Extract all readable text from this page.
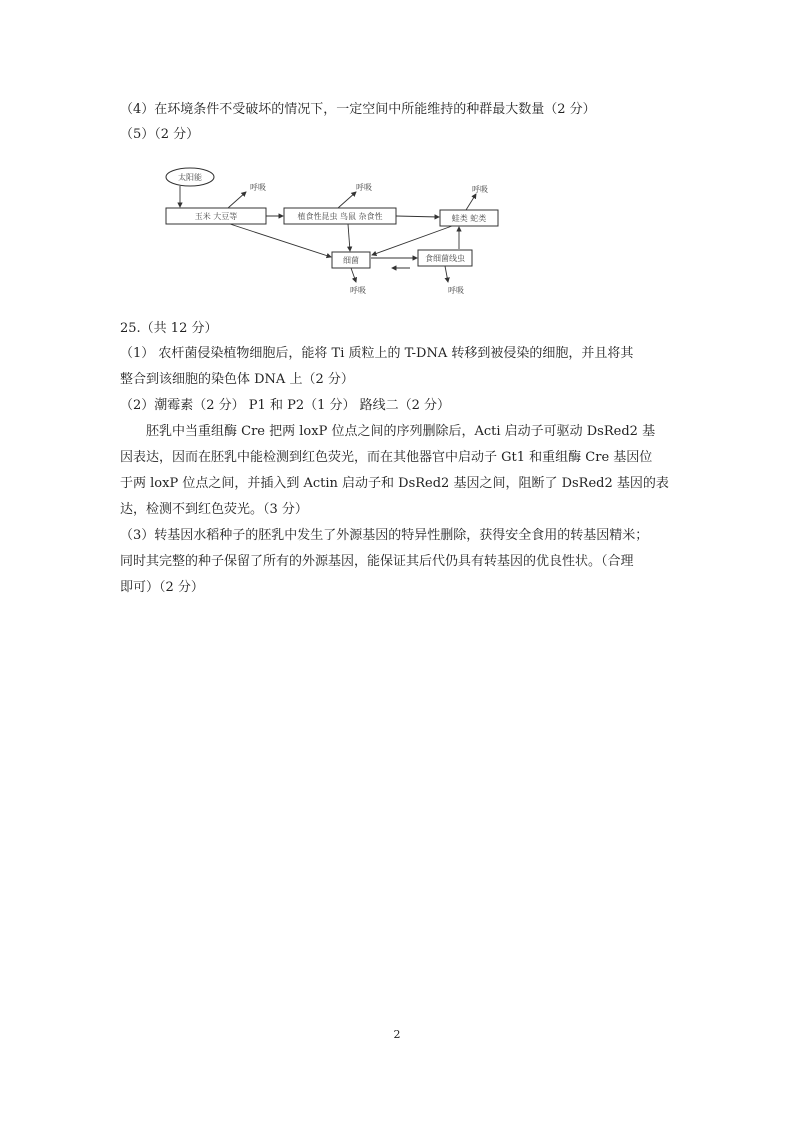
（4）在环境条件不受破坏的情况下，一定空间中所能维持的种群最大数量（2 分）
（5）（2 分）
太阳能
玉米 大豆等	植食性昆虫 鸟鼠 杂食性	蛙类 蛇类
细菌	食细菌线虫
呼吸	呼吸	呼吸
呼吸	呼吸
25.（共 12 分）
（1） 农杆菌侵染植物细胞后，能将 Ti 质粒上的 T-DNA 转移到被侵染的细胞，并且将其
整合到该细胞的染色体 DNA 上（2 分）
（2）潮霉素（2 分） P1 和 P2（1 分） 路线二（2 分）
胚乳中当重组酶 Cre 把两 loxP 位点之间的序列删除后，Acti 启动子可驱动 DsRed2 基
因表达，因而在胚乳中能检测到红色荧光，而在其他器官中启动子 Gt1 和重组酶 Cre 基因位
于两 loxP 位点之间，并插入到 Actin 启动子和 DsRed2 基因之间，阻断了 DsRed2 基因的表
达，检测不到红色荧光。（3 分）
（3）转基因水稻种子的胚乳中发生了外源基因的特异性删除，获得安全食用的转基因精米；
同时其完整的种子保留了所有的外源基因，能保证其后代仍具有转基因的优良性状。（合理
即可）（2 分）
2
